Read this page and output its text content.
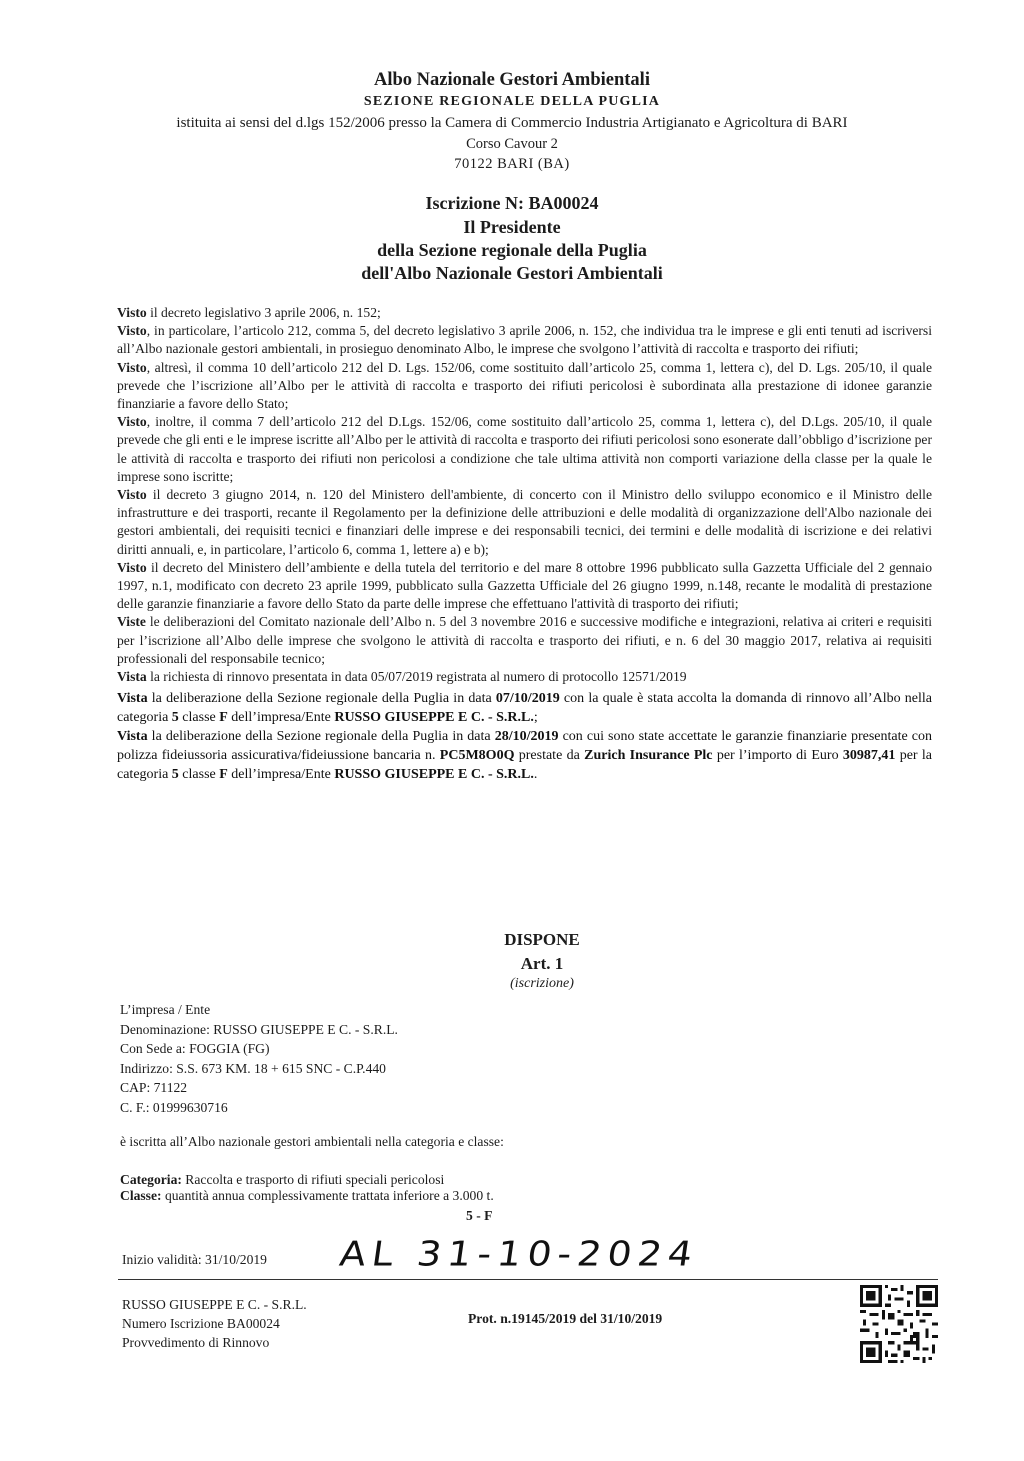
Albo Nazionale Gestori Ambientali
SEZIONE REGIONALE DELLA PUGLIA
istituita ai sensi del d.lgs 152/2006 presso la Camera di Commercio Industria Artigianato e Agricoltura di BARI
Corso Cavour 2
70122 BARI (BA)
Iscrizione N: BA00024
Il Presidente
della Sezione regionale della Puglia
dell'Albo Nazionale Gestori Ambientali

Visto il decreto legislativo 3 aprile 2006, n. 152;

Visto, in particolare, l’articolo 212, comma 5, del decreto legislativo 3 aprile 2006, n. 152, che individua tra le imprese e gli enti tenuti ad iscriversi all’Albo nazionale gestori ambientali, in prosieguo denominato Albo, le imprese che svolgono l’attività di raccolta e trasporto dei rifiuti;

Visto, altresì, il comma 10 dell’articolo 212 del D. Lgs. 152/06, come sostituito dall’articolo 25, comma 1, lettera c), del D. Lgs. 205/10, il quale prevede che l’iscrizione all’Albo per le attività di raccolta e trasporto dei rifiuti pericolosi è subordinata alla prestazione di idonee garanzie finanziarie a favore dello Stato;

Visto, inoltre, il comma 7 dell’articolo 212 del D.Lgs. 152/06, come sostituito dall’articolo 25, comma 1, lettera c), del D.Lgs. 205/10, il quale prevede che gli enti e le imprese iscritte all’Albo per le attività di raccolta e trasporto dei rifiuti pericolosi sono esonerate dall’obbligo d’iscrizione per le attività di raccolta e trasporto dei rifiuti non pericolosi a condizione che tale ultima attività non comporti variazione della classe per la quale le imprese sono iscritte;

Visto il decreto 3 giugno 2014, n. 120 del Ministero dell'ambiente, di concerto con il Ministro dello sviluppo economico e il Ministro delle infrastrutture e dei trasporti, recante il Regolamento per la definizione delle attribuzioni e delle modalità di organizzazione dell'Albo nazionale dei gestori ambientali, dei requisiti tecnici e finanziari delle imprese e dei responsabili tecnici, dei termini e delle modalità di iscrizione e dei relativi diritti annuali, e, in particolare, l’articolo 6, comma 1, lettere a) e b);

Visto il decreto del Ministero dell’ambiente e della tutela del territorio e del mare 8 ottobre 1996 pubblicato sulla Gazzetta Ufficiale del 2 gennaio 1997, n.1, modificato con decreto 23 aprile 1999, pubblicato sulla Gazzetta Ufficiale del 26 giugno 1999, n.148, recante le modalità di prestazione delle garanzie finanziarie a favore dello Stato da parte delle imprese che effettuano l'attività di trasporto dei rifiuti;

Viste le deliberazioni del Comitato nazionale dell’Albo n. 5 del 3 novembre 2016 e successive modifiche e integrazioni, relativa ai criteri e requisiti per l’iscrizione all’Albo delle imprese che svolgono le attività di raccolta e trasporto dei rifiuti, e n. 6 del 30 maggio 2017, relativa ai requisiti professionali del responsabile tecnico;

Vista la richiesta di rinnovo presentata in data 05/07/2019 registrata al numero di protocollo 12571/2019

Vista la deliberazione della Sezione regionale della Puglia in data 07/10/2019 con la quale è stata accolta la domanda di rinnovo all’Albo nella categoria 5 classe F dell’impresa/Ente RUSSO GIUSEPPE E C. - S.R.L.;

Vista la deliberazione della Sezione regionale della Puglia in data 28/10/2019 con cui sono state accettate le garanzie finanziarie presentate con polizza fideiussoria assicurativa/fideiussione bancaria n. PC5M8O0Q prestate da Zurich Insurance Plc per l’importo di Euro 30987,41 per la categoria 5 classe F dell’impresa/Ente RUSSO GIUSEPPE E C. - S.R.L..

DISPONE
Art. 1
(iscrizione)
L’impresa / Ente
Denominazione: RUSSO GIUSEPPE E C. - S.R.L.
Con Sede a: FOGGIA (FG)
Indirizzo: S.S. 673 KM. 18 + 615 SNC - C.P.440
CAP: 71122
C. F.: 01999630716
è iscritta all’Albo nazionale gestori ambientali nella categoria e classe:
Categoria: Raccolta e trasporto di rifiuti speciali pericolosi
Classe: quantità annua complessivamente trattata inferiore a 3.000 t.
5 - F
Inizio validità: 31/10/2019 AL 31-10-2024
RUSSO GIUSEPPE E C. - S.R.L.
Numero Iscrizione BA00024
Provvedimento di Rinnovo
Prot. n.19145/2019 del 31/10/2019
